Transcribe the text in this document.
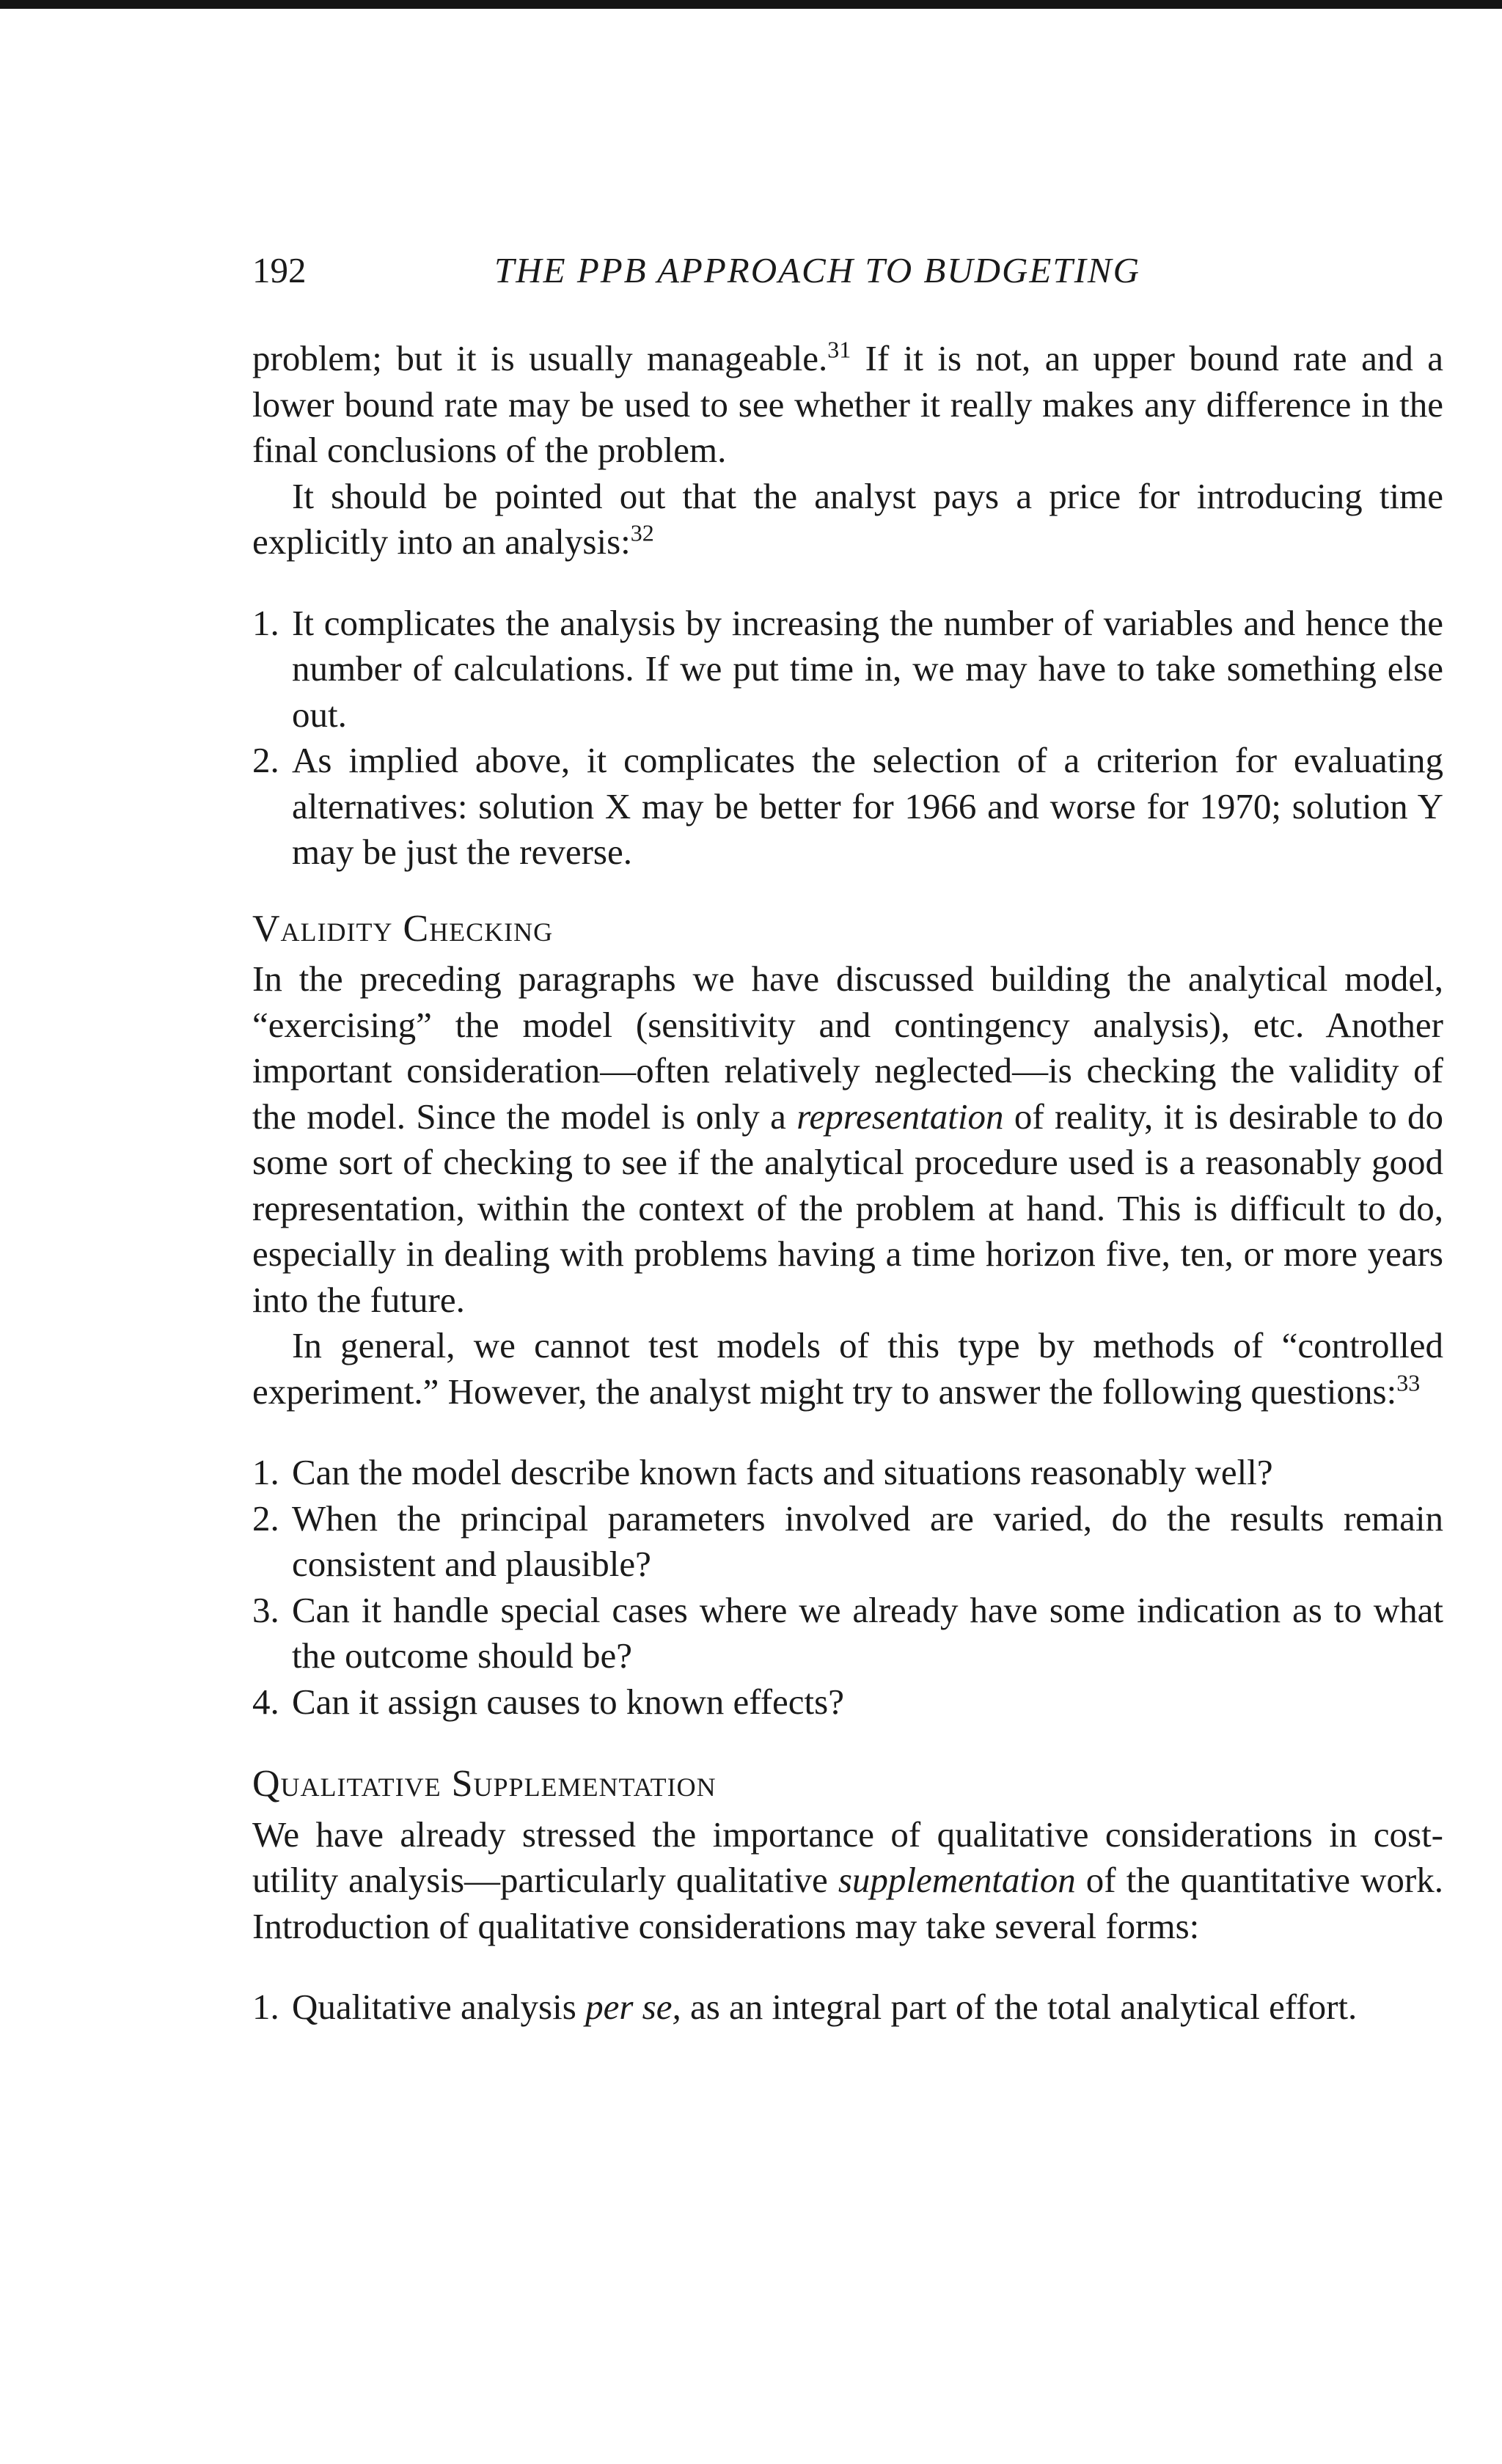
192	THE PPB APPROACH TO BUDGETING

problem; but it is usually manageable.$^{31}$ If it is not, an upper bound rate and a lower bound rate may be used to see whether it really makes any difference in the final conclusions of the problem.

It should be pointed out that the analyst pays a price for introducing time explicitly into an analysis:$^{32}$

1. It complicates the analysis by increasing the number of variables and hence the number of calculations. If we put time in, we may have to take something else out.
2. As implied above, it complicates the selection of a criterion for evaluating alternatives: solution X may be better for 1966 and worse for 1970; solution Y may be just the reverse.
Validity Checking

In the preceding paragraphs we have discussed building the analytical model, “exercising” the model (sensitivity and contingency analysis), etc. Another important consideration—often relatively neglected—is checking the validity of the model. Since the model is only a representation of reality, it is desirable to do some sort of checking to see if the analytical procedure used is a reasonably good representation, within the context of the problem at hand. This is difficult to do, especially in dealing with problems having a time horizon five, ten, or more years into the future.

In general, we cannot test models of this type by methods of “controlled experiment.” However, the analyst might try to answer the following questions:$^{33}$

1. Can the model describe known facts and situations reasonably well?
2. When the principal parameters involved are varied, do the results remain consistent and plausible?
3. Can it handle special cases where we already have some indication as to what the outcome should be?
4. Can it assign causes to known effects?
Qualitative Supplementation

We have already stressed the importance of qualitative considerations in cost-utility analysis—particularly qualitative supplementation of the quantitative work. Introduction of qualitative considerations may take several forms:

1. Qualitative analysis per se, as an integral part of the total analytical effort.
